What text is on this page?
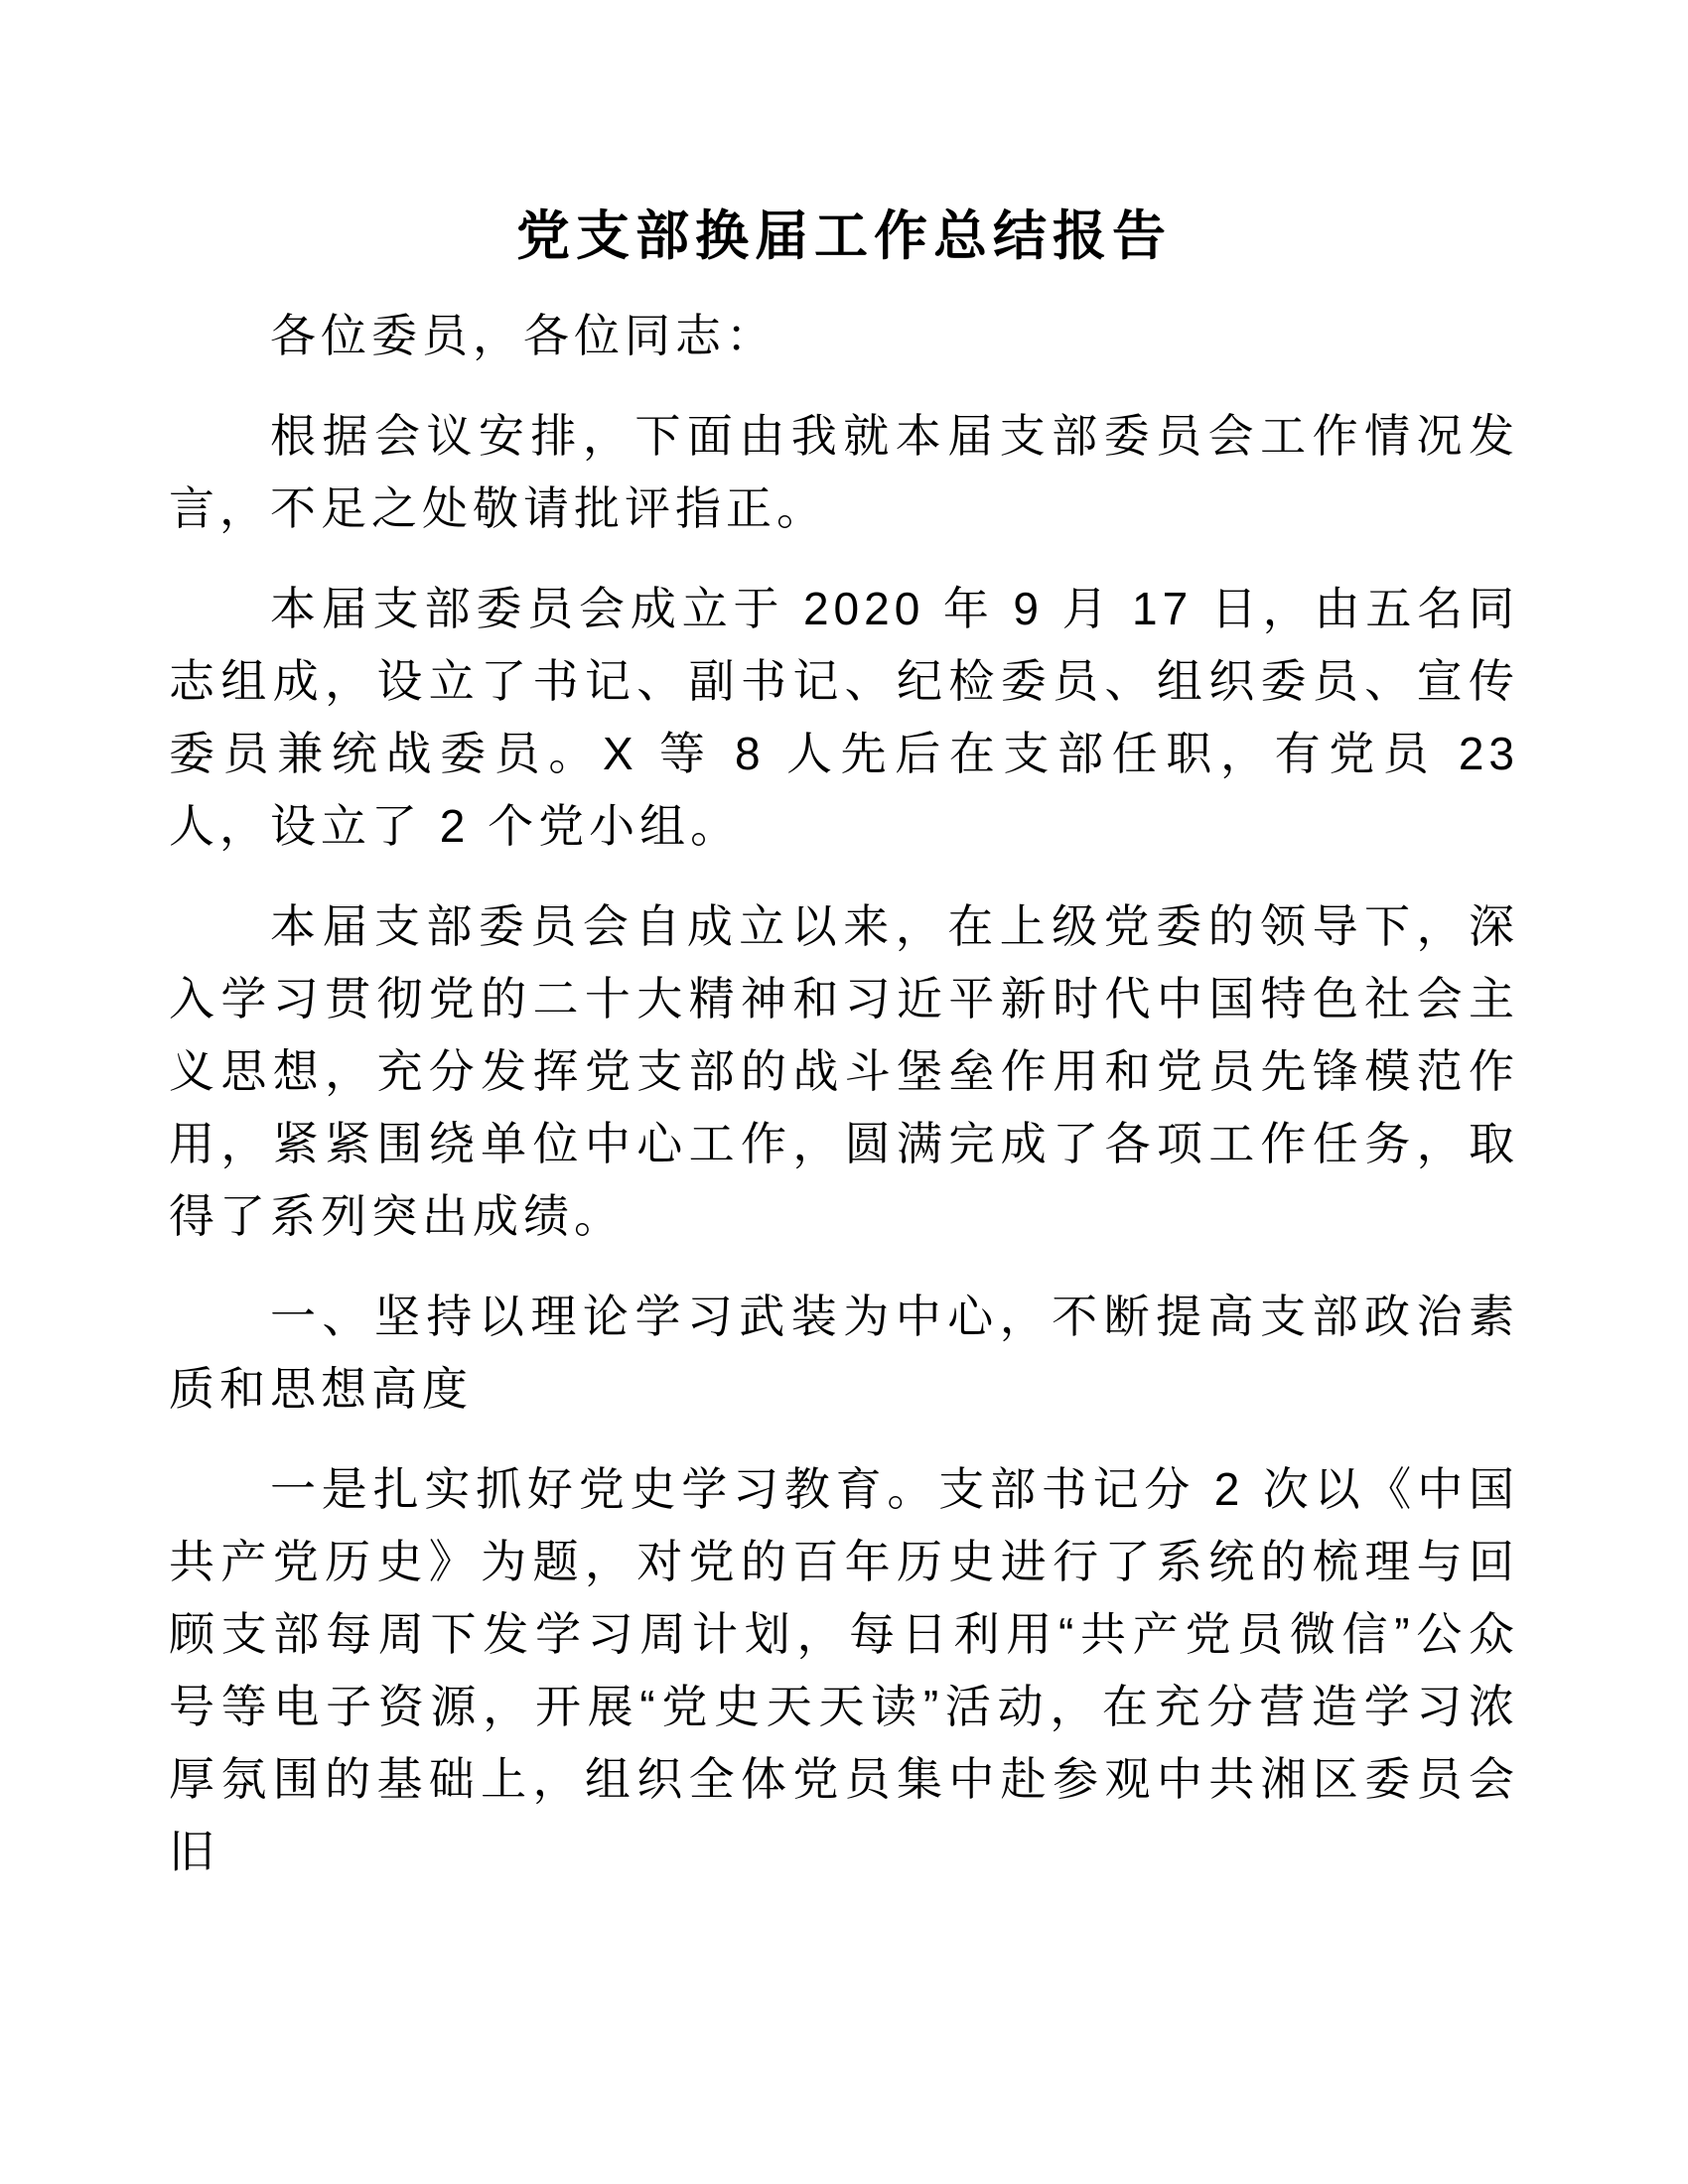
党支部换届工作总结报告

各位委员，各位同志：

根据会议安排，下面由我就本届支部委员会工作情况发言，不足之处敬请批评指正。

本届支部委员会成立于 2020 年 9 月 17 日，由五名同志组成，设立了书记、副书记、纪检委员、组织委员、宣传委员兼统战委员。X 等 8 人先后在支部任职，有党员 23 人，设立了 2 个党小组。

本届支部委员会自成立以来，在上级党委的领导下，深入学习贯彻党的二十大精神和习近平新时代中国特色社会主义思想，充分发挥党支部的战斗堡垒作用和党员先锋模范作用，紧紧围绕单位中心工作，圆满完成了各项工作任务，取得了系列突出成绩。

一、坚持以理论学习武装为中心，不断提高支部政治素质和思想高度

一是扎实抓好党史学习教育。支部书记分 2 次以《中国共产党历史》为题，对党的百年历史进行了系统的梳理与回顾支部每周下发学习周计划，每日利用“共产党员微信”公众号等电子资源，开展“党史天天读”活动，在充分营造学习浓厚氛围的基础上，组织全体党员集中赴参观中共湘区委员会旧
